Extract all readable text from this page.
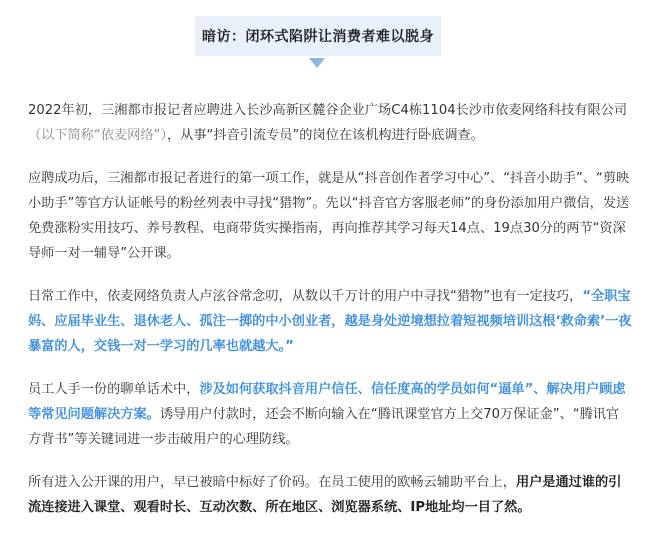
暗访：闭环式陷阱让消费者难以脱身

2022年初，三湘都市报记者应聘进入长沙高新区麓谷企业广场C4栋1104长沙市依麦网络科技有限公司（以下简称“依麦网络”），从事“抖音引流专员”的岗位在该机构进行卧底调查。

应聘成功后，三湘都市报记者进行的第一项工作，就是从“抖音创作者学习中心”、“抖音小助手”、“剪映小助手”等官方认证帐号的粉丝列表中寻找“猎物”。先以“抖音官方客服老师”的身份添加用户微信，发送免费涨粉实用技巧、养号教程、电商带货实操指南，再向推荐其学习每天14点、19点30分的两节“资深导师一对一辅导”公开课。

日常工作中，依麦网络负责人卢泫谷常念叨，从数以千万计的用户中寻找“猎物”也有一定技巧，“全职宝妈、应届毕业生、退休老人、孤注一掷的中小创业者，越是身处逆境想拉着短视频培训这根‘救命索’一夜暴富的人，交钱一对一学习的几率也就越大。”

员工人手一份的聊单话术中，涉及如何获取抖音用户信任、信任度高的学员如何“逼单”、解决用户顾虑等常见问题解决方案。诱导用户付款时，还会不断向输入在“腾讯课堂官方上交70万保证金”、“腾讯官方背书”等关键词进一步击破用户的心理防线。

所有进入公开课的用户，早已被暗中标好了价码。在员工使用的欧畅云辅助平台上，用户是通过谁的引流连接进入课堂、观看时长、互动次数、所在地区、浏览器系统、IP地址均一目了然。
